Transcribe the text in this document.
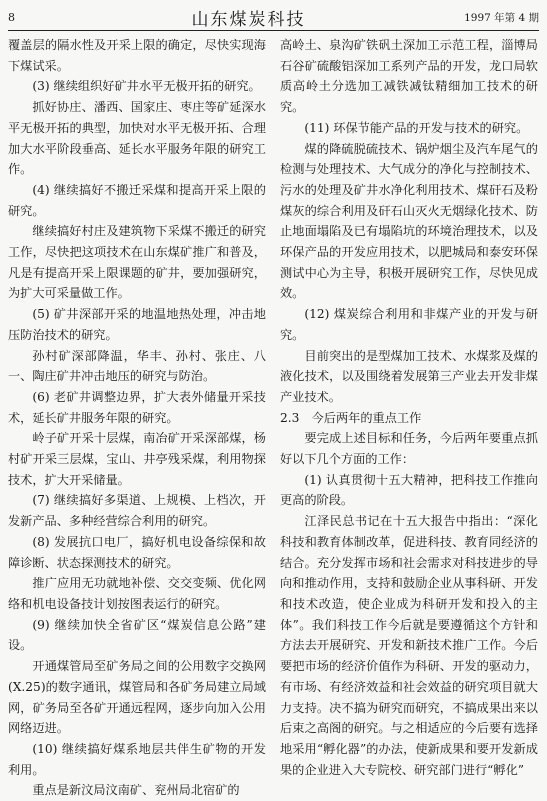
8	山东煤炭科技	1997 年第 4 期

覆盖层的隔水性及开采上限的确定，尽快实现海下煤试采。

(3) 继续组织好矿井水平无极开拓的研究。

抓好协庄、潘西、国家庄、枣庄等矿延深水平无极开拓的典型，加快对水平无极开拓、合理加大水平阶段垂高、延长水平服务年限的研究工作。

(4) 继续搞好不搬迁采煤和提高开采上限的研究。

继续搞好村庄及建筑物下采煤不搬迁的研究工作，尽快把这项技术在山东煤矿推广和普及，凡是有提高开采上限课题的矿井，要加强研究，为扩大可采量做工作。

(5) 矿井深部开采的地温地热处理，冲击地压防治技术的研究。

孙村矿深部降温，华丰、孙村、张庄、八一、陶庄矿井冲击地压的研究与防治。

(6) 老矿井调整边界，扩大表外储量开采技术，延长矿井服务年限的研究。

岭子矿开采十层煤，南冶矿开采深部煤，杨村矿开采三层煤，宝山、井亭残采煤，利用物探技术，扩大开采储量。

(7) 继续搞好多渠道、上规模、上档次，开发新产品、多种经营综合利用的研究。

(8) 发展抗口电厂，搞好机电设备综保和故障诊断、状态探测技术的研究。

推广应用无功就地补偿、交交变频、优化网络和机电设备技计划按图表运行的研究。

(9) 继续加快全省矿区“煤炭信息公路”建设。

开通煤管局至矿务局之间的公用数字交换网(X.25)的数字通讯，煤管局和各矿务局建立局域网，矿务局至各矿开通远程网，逐步向加入公用网络迈进。

(10) 继续搞好煤系地层共伴生矿物的开发利用。

重点是新汶局汶南矿、兖州局北宿矿的

高岭土、泉沟矿铁矾土深加工示范工程，淄博局石谷矿硫酸铝深加工系列产品的开发，龙口局软质高岭土分选加工减铁减钛精细加工技术的研究。

(11) 环保节能产品的开发与技术的研究。

煤的降硫脱硫技术、锅炉烟尘及汽车尾气的检测与处理技术、大气成分的净化与控制技术、污水的处理及矿井水净化利用技术、煤矸石及粉煤灰的综合利用及矸石山灭火无烟绿化技术、防止地面塌陷及已有塌陷坑的环境治理技术，以及环保产品的开发应用技术，以肥城局和泰安环保测试中心为主导，积极开展研究工作，尽快见成效。

(12) 煤炭综合利用和非煤产业的开发与研究。

目前突出的是型煤加工技术、水煤浆及煤的液化技术，以及围绕着发展第三产业去开发非煤产业技术。

2.3　今后两年的重点工作

要完成上述目标和任务，今后两年要重点抓好以下几个方面的工作：

(1) 认真贯彻十五大精神，把科技工作推向更高的阶段。

江泽民总书记在十五大报告中指出：“深化科技和教育体制改革，促进科技、教育同经济的结合。充分发挥市场和社会需求对科技进步的导向和推动作用，支持和鼓励企业从事科研、开发和技术改造，使企业成为科研开发和投入的主体”。我们科技工作今后就是要遵循这个方针和方法去开展研究、开发和新技术推广工作。今后要把市场的经济价值作为科研、开发的驱动力，有市场、有经济效益和社会效益的研究项目就大力支持。决不搞为研究而研究，不搞成果出来以后束之高阁的研究。与之相适应的今后要有选择地采用“孵化器”的办法，使新成果和要开发新成果的企业进入大专院校、研究部门进行“孵化”
